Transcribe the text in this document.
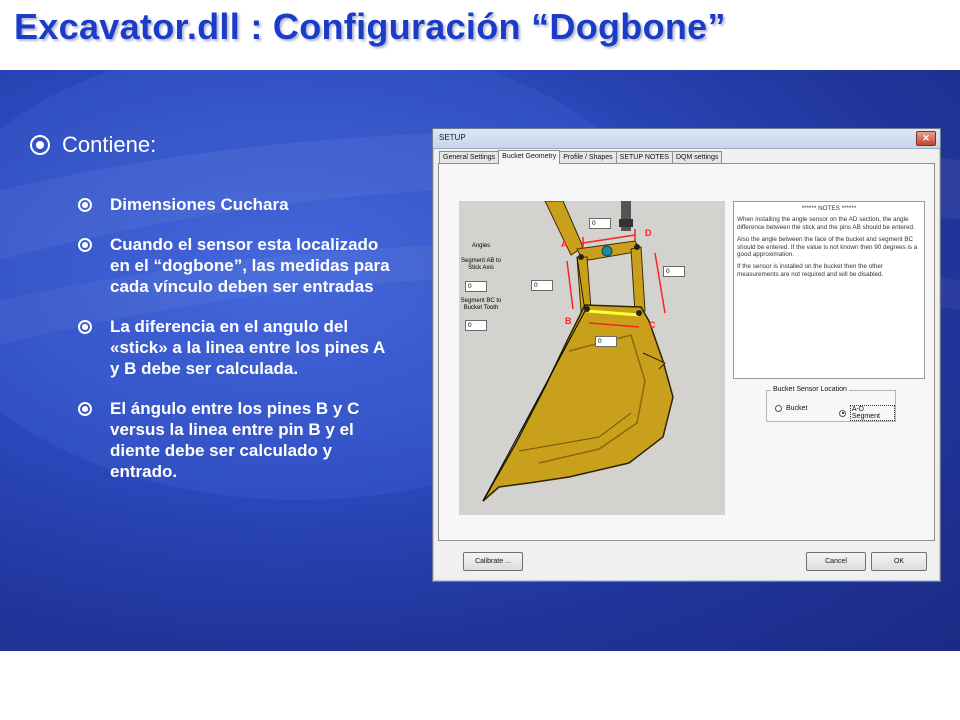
Excavator.dll : Configuración “Dogbone”
Contiene:
Dimensiones Cuchara
Cuando el sensor esta localizado en el “dogbone”, las medidas para cada vínculo deben ser entradas
La diferencia en el angulo del «stick» a la linea entre los pines A y B debe ser calculada.
El ángulo entre los pines B y C versus la linea entre pin B y el diente debe ser calculado y entrado.
SETUP	✕
General Settings	Bucket Geometry	Profile / Shapes	SETUP NOTES	DQM settings
Angles
Segment AB to Stick Axis
0
Segment BC to Bucket Tooth
0
0
0
0
0
A
B	C
D
****** NOTES ******

When installing the angle sensor on the AD section, the angle difference between the stick and the pins AB should be entered.

Also the angle between the face of the bucket and segment BC should be entered. If the value is not known then 90 degrees is a good approximation.

If the sensor is installed on the bucket then the other measurements are not required and will be disabled.

Bucket Sensor Location
Bucket	A-D Segment
Calibrate ...	Cancel	OK
